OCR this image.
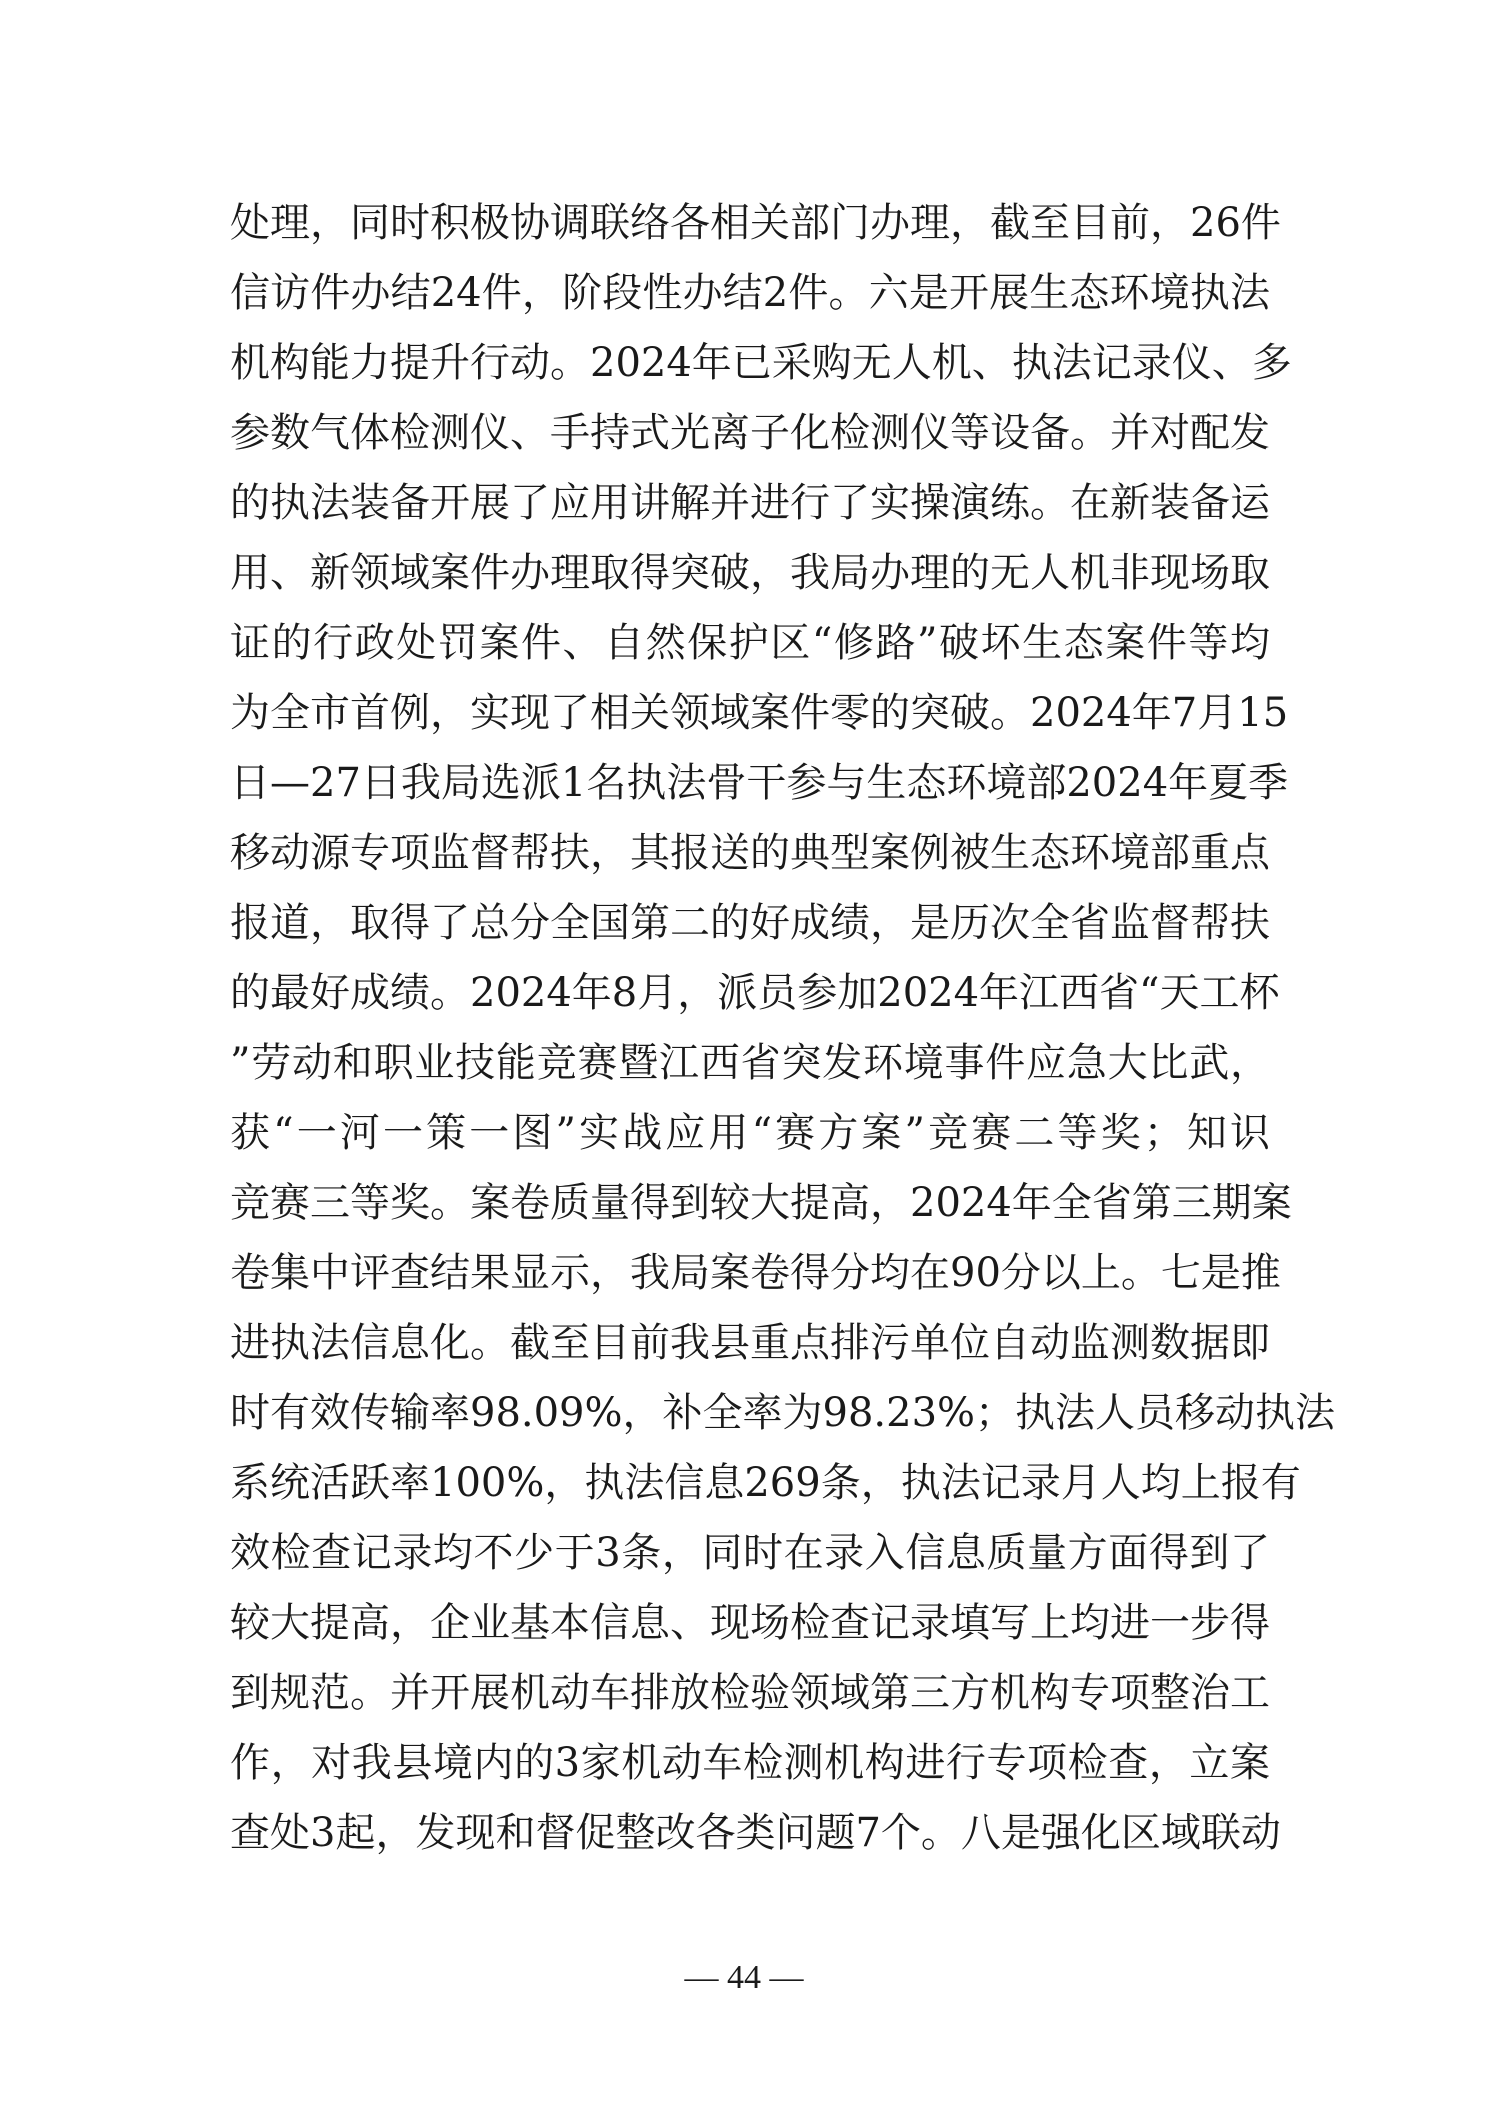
处理，同时积极协调联络各相关部门办理，截至目前，26件
信访件办结24件，阶段性办结2件。六是开展生态环境执法
机构能力提升行动。2024年已采购无人机、执法记录仪、多
参数气体检测仪、手持式光离子化检测仪等设备。并对配发
的执法装备开展了应用讲解并进行了实操演练。在新装备运
用、新领域案件办理取得突破，我局办理的无人机非现场取
证的行政处罚案件、自然保护区“修路”破坏生态案件等均
为全市首例，实现了相关领域案件零的突破。2024年7月15
日—27日我局选派1名执法骨干参与生态环境部2024年夏季
移动源专项监督帮扶，其报送的典型案例被生态环境部重点
报道，取得了总分全国第二的好成绩，是历次全省监督帮扶
的最好成绩。2024年8月，派员参加2024年江西省“天工杯
”劳动和职业技能竞赛暨江西省突发环境事件应急大比武，
获“一河一策一图”实战应用“赛方案”竞赛二等奖；知识
竞赛三等奖。案卷质量得到较大提高，2024年全省第三期案
卷集中评查结果显示，我局案卷得分均在90分以上。七是推
进执法信息化。截至目前我县重点排污单位自动监测数据即
时有效传输率98.09%，补全率为98.23%；执法人员移动执法
系统活跃率100%，执法信息269条，执法记录月人均上报有
效检查记录均不少于3条，同时在录入信息质量方面得到了
较大提高，企业基本信息、现场检查记录填写上均进一步得
到规范。并开展机动车排放检验领域第三方机构专项整治工
作，对我县境内的3家机动车检测机构进行专项检查，立案
查处3起，发现和督促整改各类问题7个。八是强化区域联动
— 44 —
